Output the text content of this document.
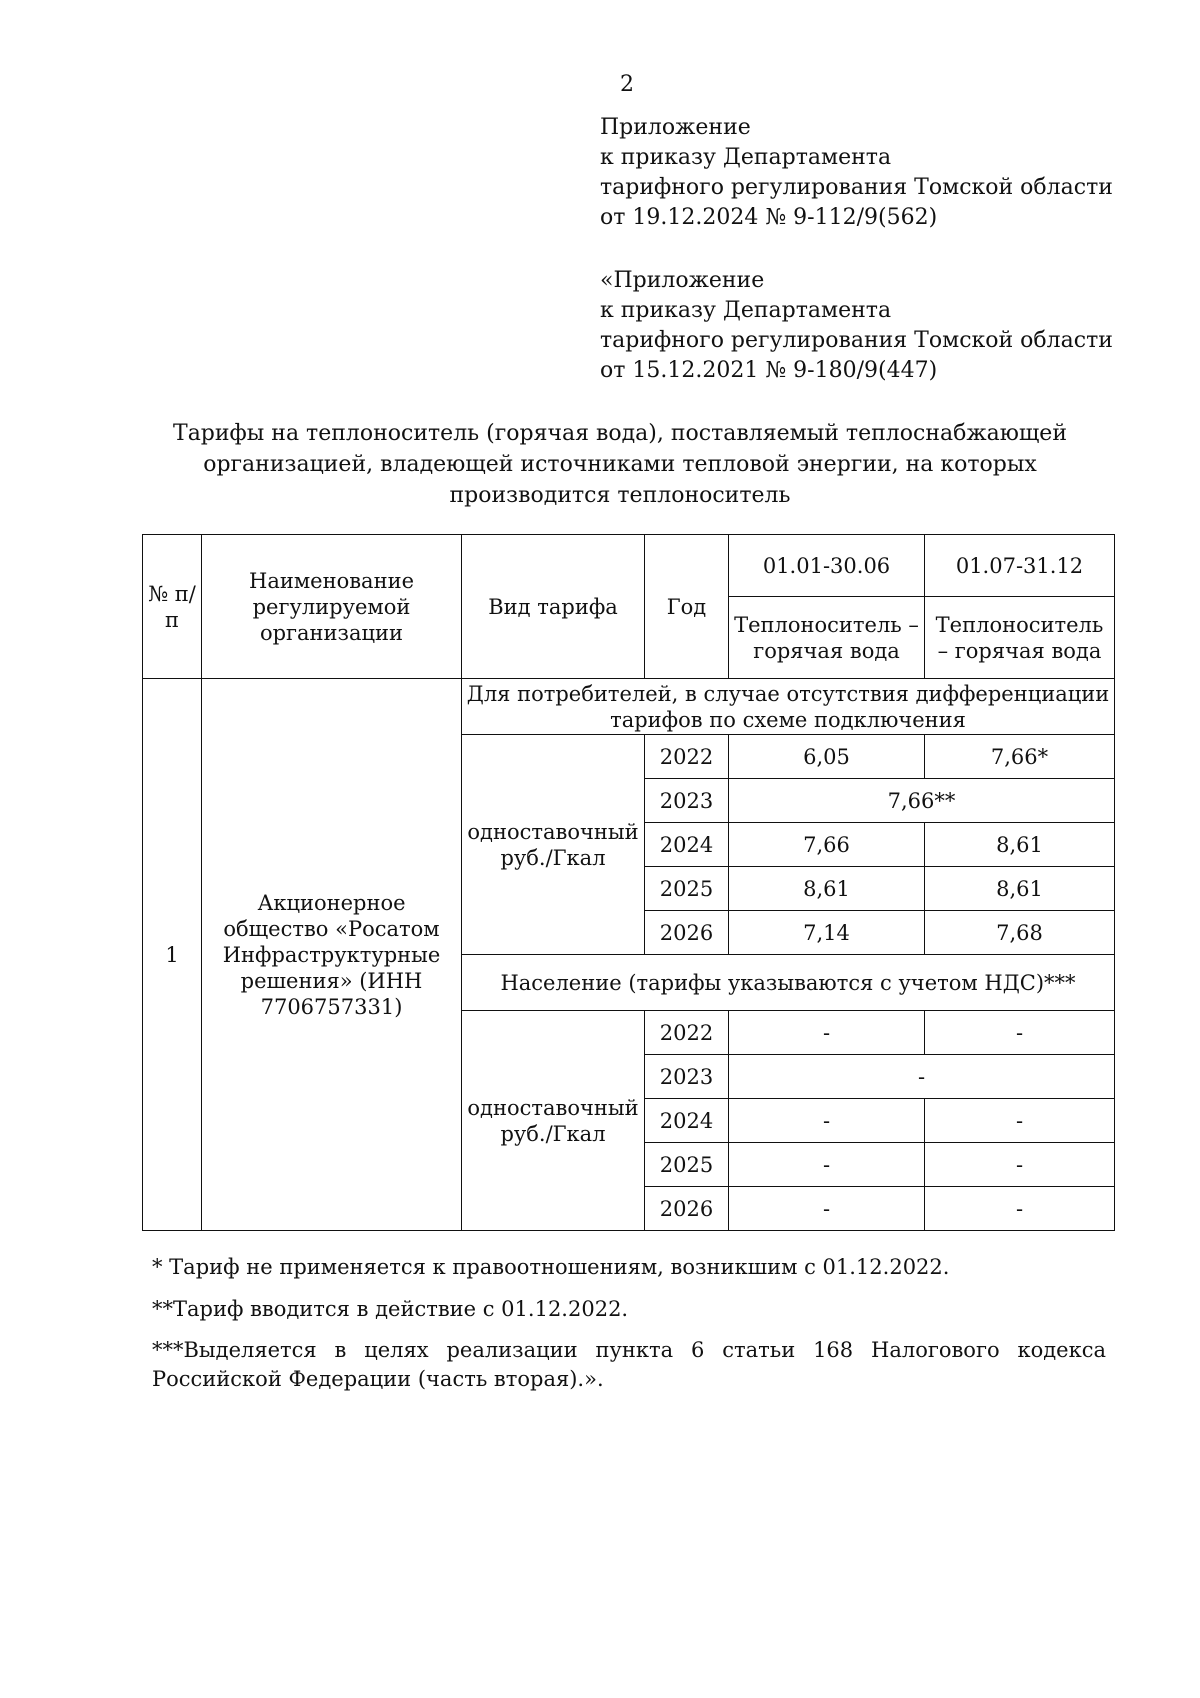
2
Приложение
к приказу Департамента
тарифного регулирования Томской области
от 19.12.2024 № 9-112/9(562)
«Приложение
к приказу Департамента
тарифного регулирования Томской области
от 15.12.2021 № 9-180/9(447)
Тарифы на теплоноситель (горячая вода), поставляемый теплоснабжающей организацией, владеющей источниками тепловой энергии, на которых производится теплоноситель
№ п/п	Наименование регулируемой организации	Вид тарифа	Год	01.01-30.06	01.07-31.12
				Теплоноситель – горячая вода	Теплоноситель – горячая вода
1	Акционерное общество «Росатом Инфраструктурные решения» (ИНН 7706757331)	Для потребителей, в случае отсутствия дифференциации тарифов по схеме подключения			
		одноставочный руб./Гкал	2022	6,05	7,66*
			2023	7,66**	
			2024	7,66	8,61
			2025	8,61	8,61
			2026	7,14	7,68
		Население (тарифы указываются с учетом НДС)***			
		одноставочный руб./Гкал	2022	-	-
			2023	-	
			2024	-	-
			2025	-	-
			2026	-	-
* Тариф не применяется к правоотношениям, возникшим с 01.12.2022.
**Тариф вводится в действие с 01.12.2022.
***Выделяется в целях реализации пункта 6 статьи 168 Налогового кодекса Российской Федерации (часть вторая).».
